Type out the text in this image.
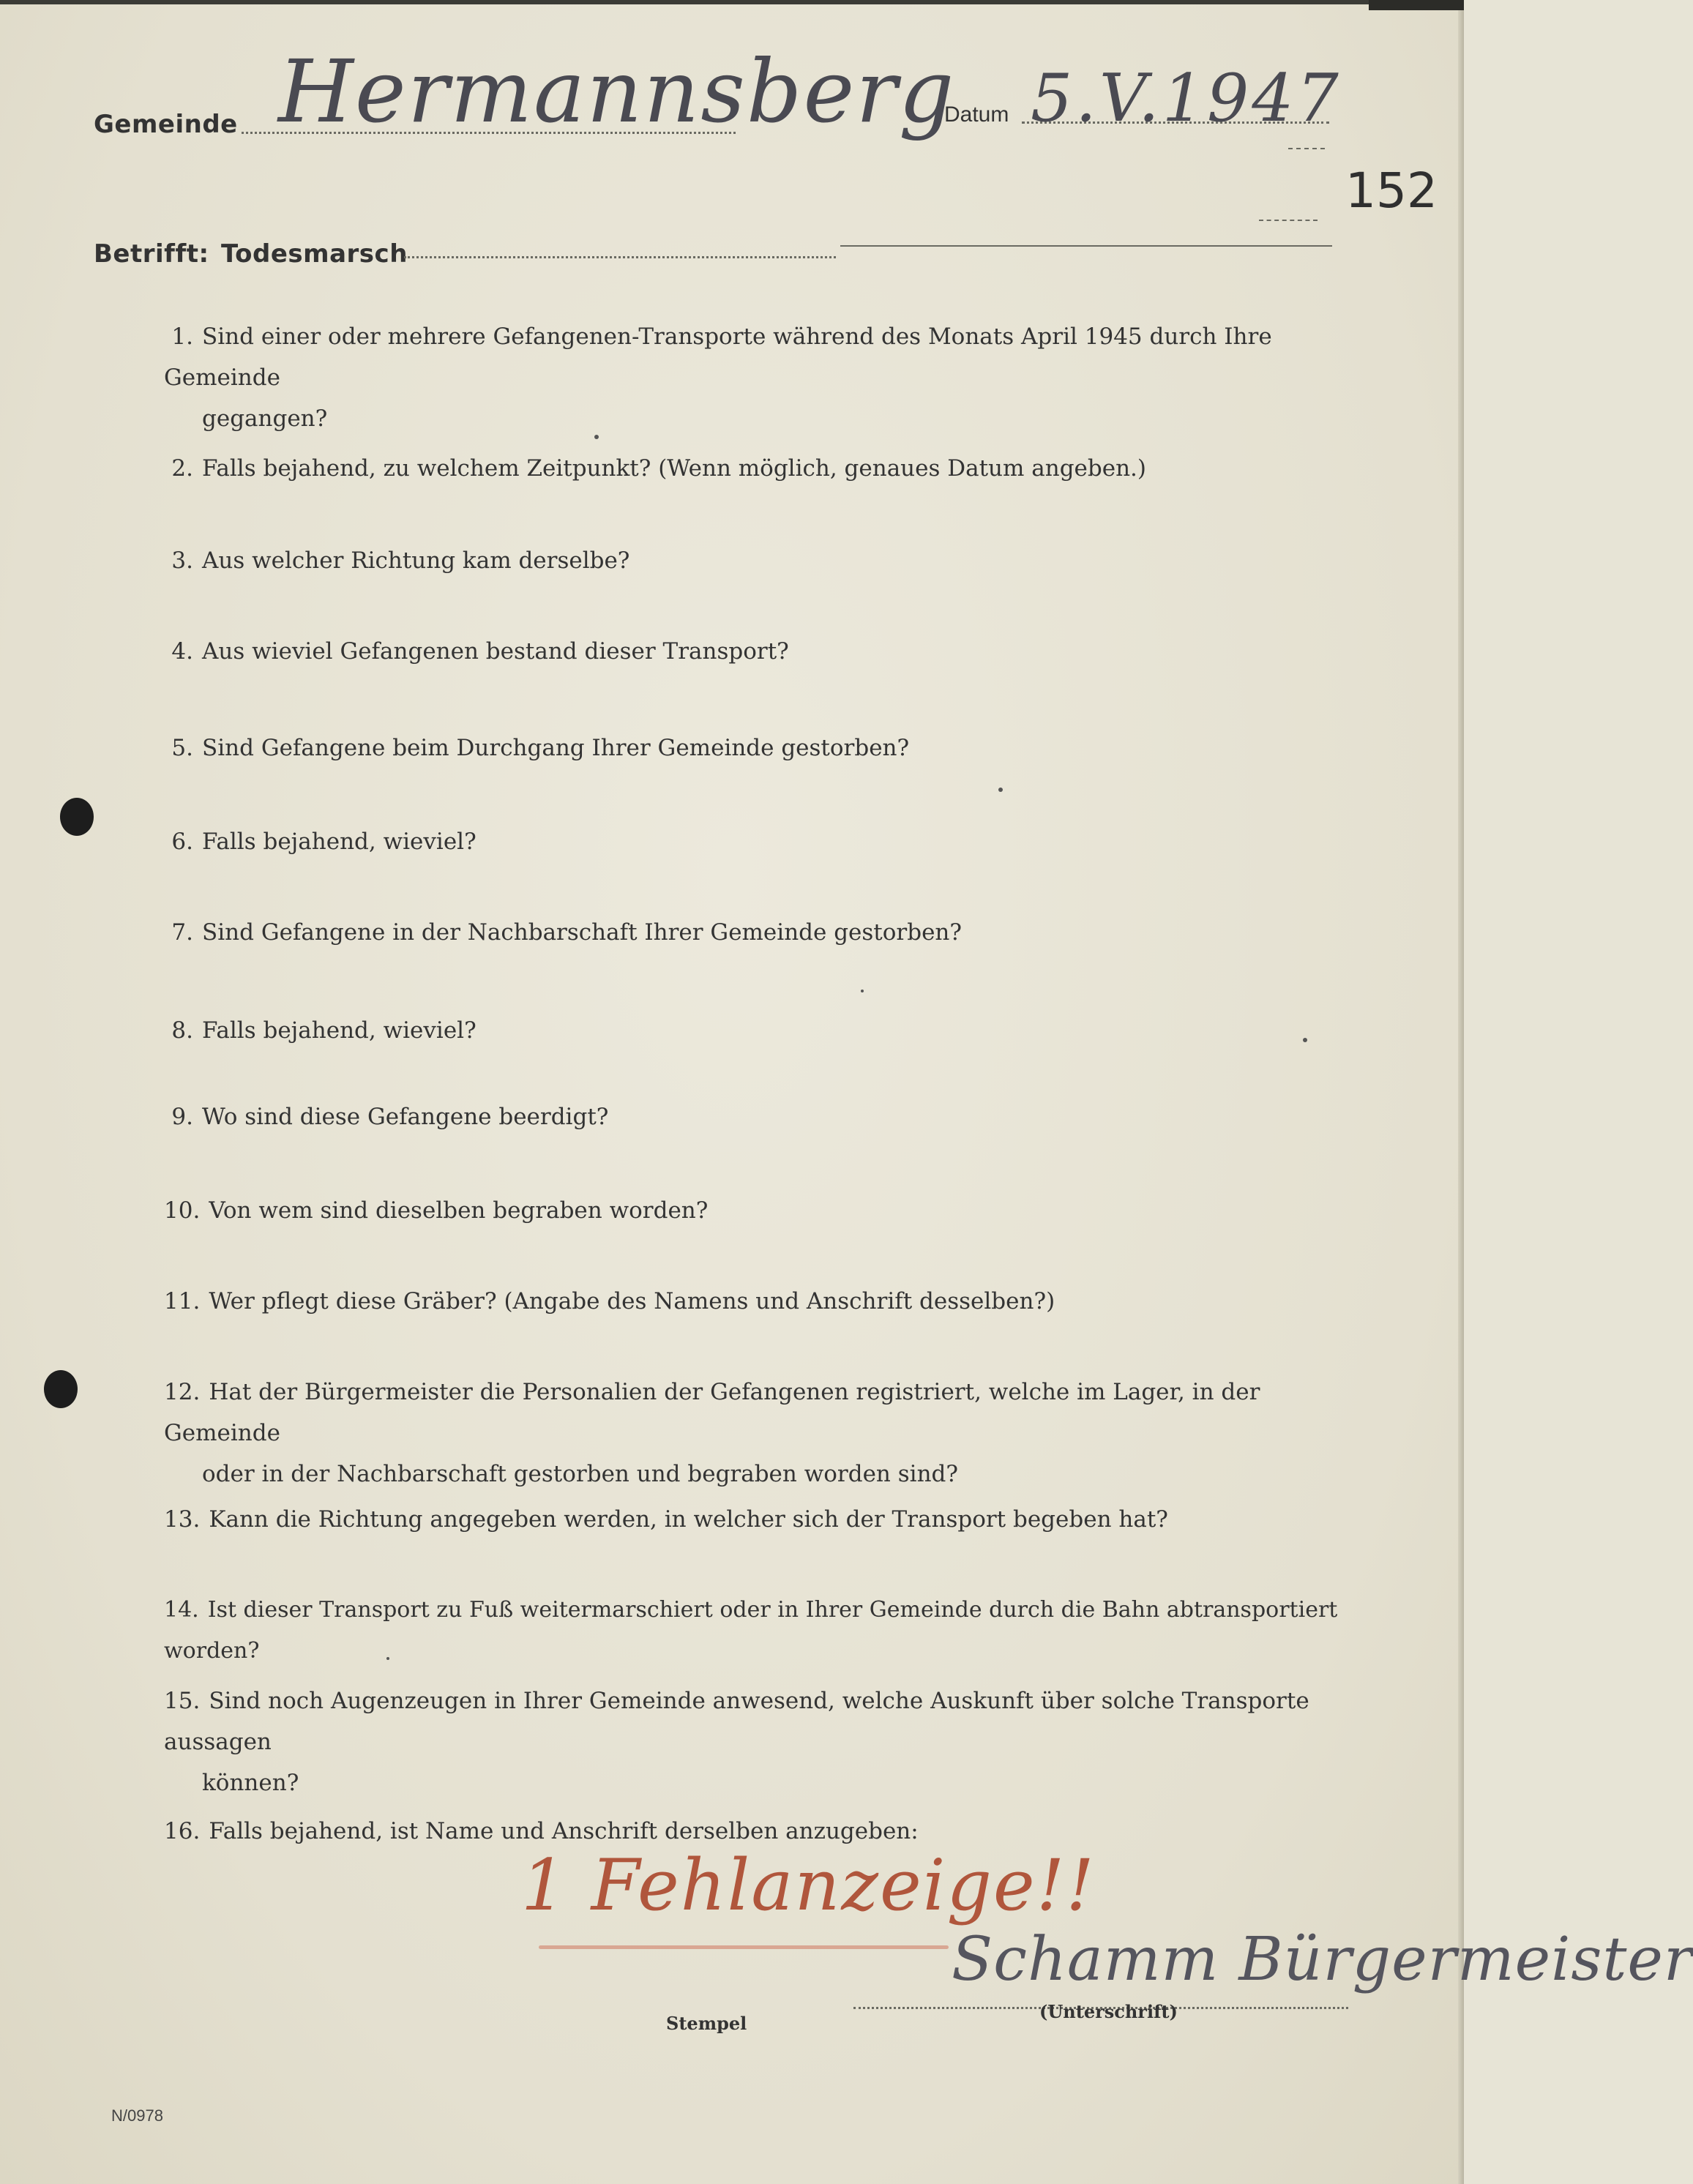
Gemeinde Hermannsberg
Datum 5.V.1947
152
Betrifft: Todesmarsch
1. Sind einer oder mehrere Gefangenen-Transporte während des Monats April 1945 durch Ihre Gemeinde
gegangen?
2. Falls bejahend, zu welchem Zeitpunkt? (Wenn möglich, genaues Datum angeben.)
3. Aus welcher Richtung kam derselbe?
4. Aus wieviel Gefangenen bestand dieser Transport?
5. Sind Gefangene beim Durchgang Ihrer Gemeinde gestorben?
6. Falls bejahend, wieviel?
7. Sind Gefangene in der Nachbarschaft Ihrer Gemeinde gestorben?
8. Falls bejahend, wieviel?
9. Wo sind diese Gefangene beerdigt?
10. Von wem sind dieselben begraben worden?
11. Wer pflegt diese Gräber? (Angabe des Namens und Anschrift desselben?)
12. Hat der Bürgermeister die Personalien der Gefangenen registriert, welche im Lager, in der Gemeinde
oder in der Nachbarschaft gestorben und begraben worden sind?
13. Kann die Richtung angegeben werden, in welcher sich der Transport begeben hat?
14. Ist dieser Transport zu Fuß weitermarschiert oder in Ihrer Gemeinde durch die Bahn abtransportiert worden?
15. Sind noch Augenzeugen in Ihrer Gemeinde anwesend, welche Auskunft über solche Transporte aussagen
können?
16. Falls bejahend, ist Name und Anschrift derselben anzugeben:
1 Fehlanzeige!!
Schamm Bürgermeister
Stempel
(Unterschrift)
N/0978
